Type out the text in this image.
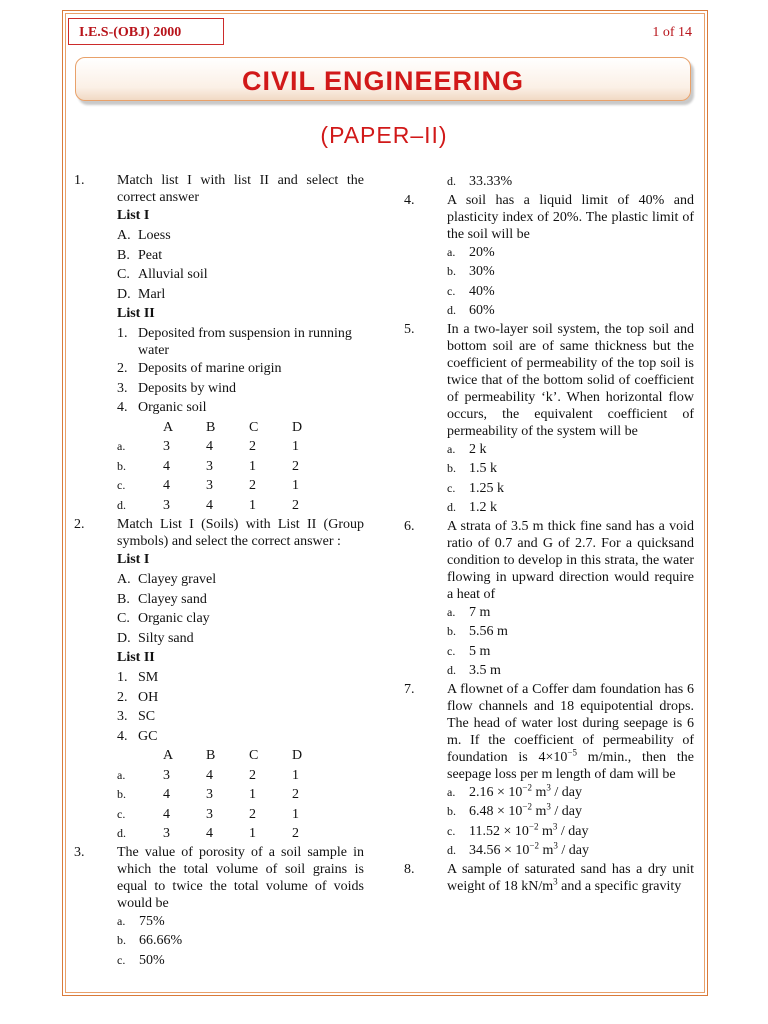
I.E.S-(OBJ) 2000	1 of 14
CIVIL ENGINEERING
(PAPER–II)
1. Match list I with list II and select the correct answer
List I
A. Loess
B. Peat
C. Alluvial soil
D. Marl
List II
1. Deposited from suspension in running water
2. Deposits of marine origin
3. Deposits by wind
4. Organic soil
A	B	C	D
a.	3	4	2	1
b.	4	3	1	2
c.	4	3	2	1
d.	3	4	1	2
2. Match List I (Soils) with List II (Group symbols) and select the correct answer :
List I
A. Clayey gravel
B. Clayey sand
C. Organic clay
D. Silty sand
List II
1. SM
2. OH
3. SC
4. GC
A	B	C	D
a.	3	4	2	1
b.	4	3	1	2
c.	4	3	2	1
d.	3	4	1	2
3. The value of porosity of a soil sample in which the total volume of soil grains is equal to twice the total volume of voids would be
a. 75%
b. 66.66%
c. 50%
d. 33.33%
4. A soil has a liquid limit of 40% and plasticity index of 20%. The plastic limit of the soil will be
a. 20%
b. 30%
c. 40%
d. 60%
5. In a two-layer soil system, the top soil and bottom soil are of same thickness but the coefficient of permeability of the top soil is twice that of the bottom solid of coefficient of permeability ‘k’. When horizontal flow occurs, the equivalent coefficient of permeability of the system will be
a. 2 k
b. 1.5 k
c. 1.25 k
d. 1.2 k
6. A strata of 3.5 m thick fine sand has a void ratio of 0.7 and G of 2.7. For a quicksand condition to develop in this strata, the water flowing in upward direction would require a heat of
a. 7 m
b. 5.56 m
c. 5 m
d. 3.5 m
7. A flownet of a Coffer dam foundation has 6 flow channels and 18 equipotential drops. The head of water lost during seepage is 6 m. If the coefficient of permeability of foundation is $4\times 10^{-5}$ m/min., then the seepage loss per m length of dam will be
a. $2.16 \times 10^{-2}$ $m^3$ / day
b. $6.48 \times 10^{-2}$ $m^3$ / day
c. $11.52 \times 10^{-2}$ $m^3$ / day
d. $34.56 \times 10^{-2}$ $m^3$ / day
8. A sample of saturated sand has a dry unit weight of 18 $kN/m^3$ and a specific gravity
